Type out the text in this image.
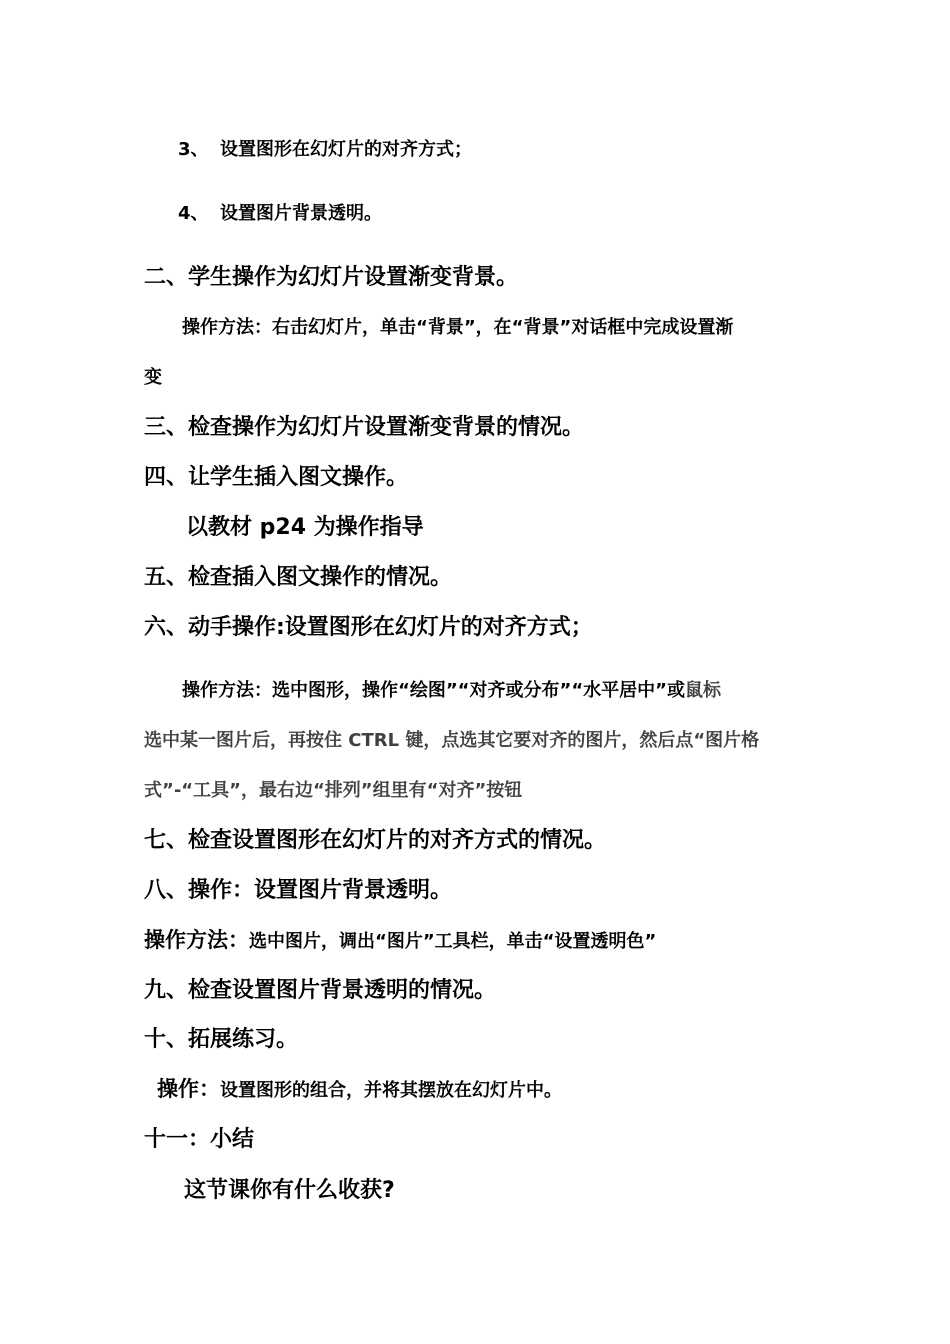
3、 设置图形在幻灯片的对齐方式；
4、 设置图片背景透明。
二、学生操作为幻灯片设置渐变背景。
操作方法：右击幻灯片，单击“背景”，在“背景”对话框中完成设置渐
变
三、检查操作为幻灯片设置渐变背景的情况。
四、让学生插入图文操作。
以教材 p24 为操作指导
五、检查插入图文操作的情况。
六、动手操作:设置图形在幻灯片的对齐方式；
操作方法：选中图形，操作“绘图”“对齐或分布”“水平居中”或鼠标
选中某一图片后，再按住 CTRL 键，点选其它要对齐的图片，然后点“图片格
式”-“工具”，最右边“排列”组里有“对齐”按钮
七、检查设置图形在幻灯片的对齐方式的情况。
八、操作：设置图片背景透明。
操作方法：选中图片，调出“图片”工具栏，单击“设置透明色”
九、检查设置图片背景透明的情况。
十、拓展练习。
操作：设置图形的组合，并将其摆放在幻灯片中。
十一：小结
这节课你有什么收获?
